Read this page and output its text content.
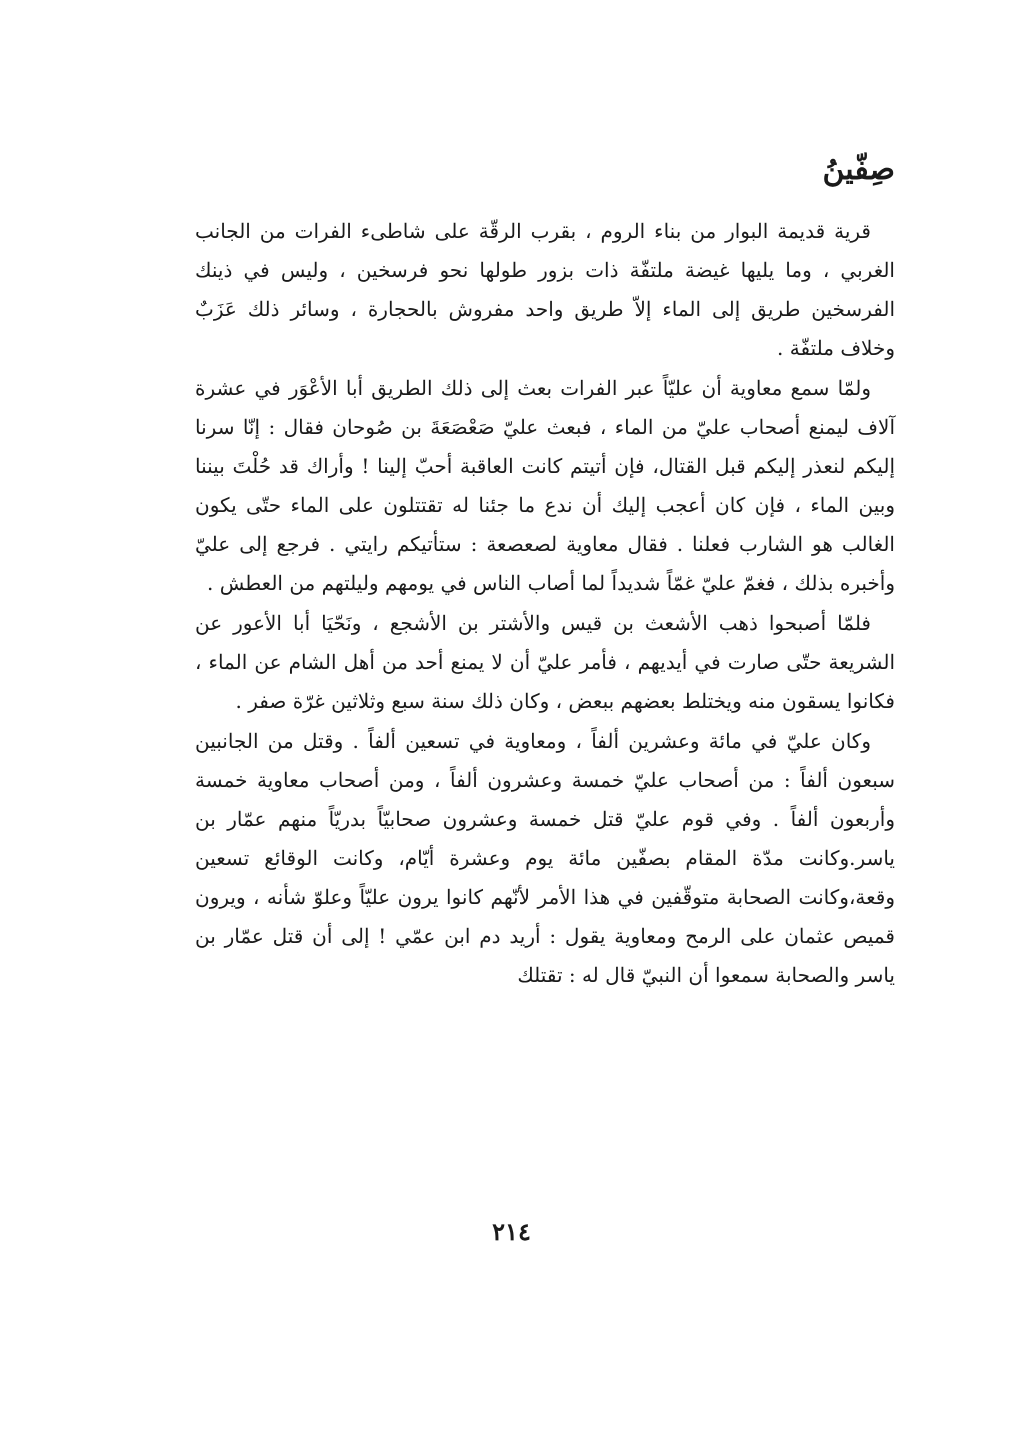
صِفّينُ

قرية قديمة البوار من بناء الروم ، بقرب الرقّة على شاطىء الفرات من الجانب الغربي ، وما يليها غيضة ملتفّة ذات بزور طولها نحو فرسخين ، وليس في ذينك الفرسخين طريق إلى الماء إلاّ طريق واحد مفروش بالحجارة ، وسائر ذلك عَزَبٌ وخلاف ملتفّة .

ولمّا سمع معاوية أن عليّاً عبر الفرات بعث إلى ذلك الطريق أبا الأعْوَر في عشرة آلاف ليمنع أصحاب عليّ من الماء ، فبعث عليّ صَعْصَعَةَ بن صُوحان فقال : إنّا سرنا إليكم لنعذر إليكم قبل القتال، فإن أتيتم كانت العاقبة أحبّ إلينا ! وأراك قد حُلْتَ بيننا وبين الماء ، فإن كان أعجب إليك أن ندع ما جئنا له تقتتلون على الماء حتّى يكون الغالب هو الشارب فعلنا . فقال معاوية لصعصعة : ستأتيكم رايتي . فرجع إلى عليّ وأخبره بذلك ، فغمّ عليّ غمّاً شديداً لما أصاب الناس في يومهم وليلتهم من العطش .

فلمّا أصبحوا ذهب الأشعث بن قيس والأشتر بن الأشجع ، ونَحّيَا أبا الأعور عن الشريعة حتّى صارت في أيديهم ، فأمر عليّ أن لا يمنع أحد من أهل الشام عن الماء ، فكانوا يسقون منه ويختلط بعضهم ببعض ، وكان ذلك سنة سبع وثلاثين غرّة صفر .

وكان عليّ في مائة وعشرين ألفاً ، ومعاوية في تسعين ألفاً . وقتل من الجانبين سبعون ألفاً : من أصحاب عليّ خمسة وعشرون ألفاً ، ومن أصحاب معاوية خمسة وأربعون ألفاً . وفي قوم عليّ قتل خمسة وعشرون صحابيّاً بدريّاً منهم عمّار بن ياسر.وكانت مدّة المقام بصفّين مائة يوم وعشرة أيّام، وكانت الوقائع تسعين وقعة،وكانت الصحابة متوقّفين في هذا الأمر لأنّهم كانوا يرون عليّاً وعلوّ شأنه ، ويرون قميص عثمان على الرمح ومعاوية يقول : أريد دم ابن عمّي ! إلى أن قتل عمّار بن ياسر والصحابة سمعوا أن النبيّ قال له : تقتلك

٢١٤
